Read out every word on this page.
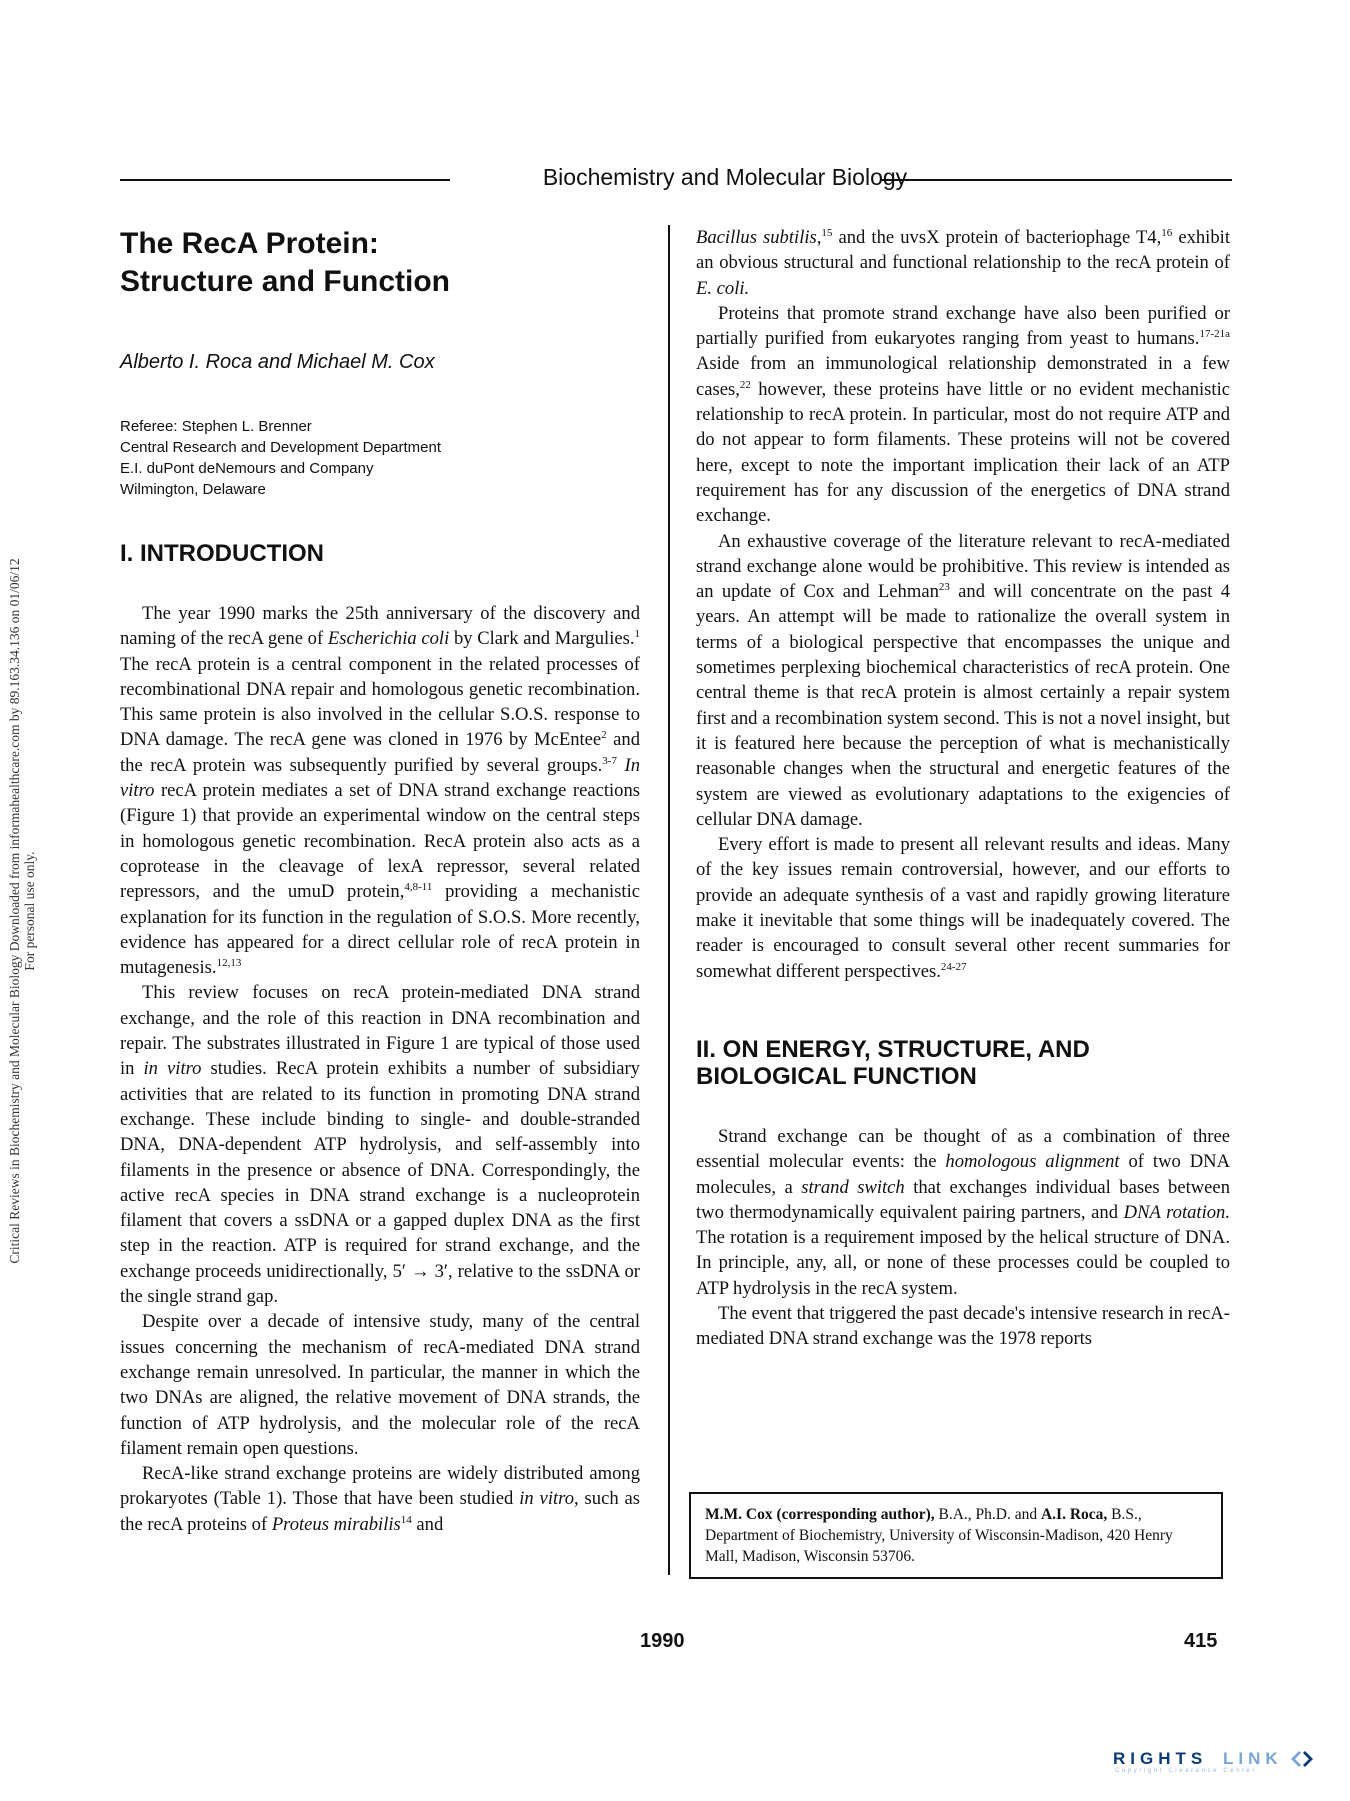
Critical Reviews in Biochemistry and Molecular Biology Downloaded from informahealthcare.com by 89.163.34.136 on 01/06/12 For personal use only.
Biochemistry and Molecular Biology
The RecA Protein:
Structure and Function
Alberto I. Roca and Michael M. Cox
Referee: Stephen L. Brenner
Central Research and Development Department
E.I. duPont deNemours and Company
Wilmington, Delaware
I. INTRODUCTION

The year 1990 marks the 25th anniversary of the discovery and naming of the recA gene of Escherichia coli by Clark and Margulies.$^1$ The recA protein is a central component in the related processes of recombinational DNA repair and homologous genetic recombination. This same protein is also involved in the cellular S.O.S. response to DNA damage. The recA gene was cloned in 1976 by McEntee$^2$ and the recA protein was subsequently purified by several groups.$^{3-7}$ In vitro recA protein mediates a set of DNA strand exchange reactions (Figure 1) that provide an experimental window on the central steps in homologous genetic recombination. RecA protein also acts as a coprotease in the cleavage of lexA repressor, several related repressors, and the umuD protein,$^{4,8-11}$ providing a mechanistic explanation for its function in the regulation of S.O.S. More recently, evidence has appeared for a direct cellular role of recA protein in mutagenesis.$^{12,13}$

This review focuses on recA protein-mediated DNA strand exchange, and the role of this reaction in DNA recombination and repair. The substrates illustrated in Figure 1 are typical of those used in in vitro studies. RecA protein exhibits a number of subsidiary activities that are related to its function in promoting DNA strand exchange. These include binding to single- and double-stranded DNA, DNA-dependent ATP hydrolysis, and self-assembly into filaments in the presence or absence of DNA. Correspondingly, the active recA species in DNA strand exchange is a nucleoprotein filament that covers a ssDNA or a gapped duplex DNA as the first step in the reaction. ATP is required for strand exchange, and the exchange proceeds unidirectionally, 5′ → 3′, relative to the ssDNA or the single strand gap.

Despite over a decade of intensive study, many of the central issues concerning the mechanism of recA-mediated DNA strand exchange remain unresolved. In particular, the manner in which the two DNAs are aligned, the relative movement of DNA strands, the function of ATP hydrolysis, and the molecular role of the recA filament remain open questions.

RecA-like strand exchange proteins are widely distributed among prokaryotes (Table 1). Those that have been studied in vitro, such as the recA proteins of Proteus mirabilis$^{14}$ and

Bacillus subtilis,$^{15}$ and the uvsX protein of bacteriophage T4,16 exhibit an obvious structural and functional relationship to the recA protein of E. coli.

Proteins that promote strand exchange have also been purified or partially purified from eukaryotes ranging from yeast to humans.$^{17-21a}$ Aside from an immunological relationship demonstrated in a few cases,$^{22}$ however, these proteins have little or no evident mechanistic relationship to recA protein. In particular, most do not require ATP and do not appear to form filaments. These proteins will not be covered here, except to note the important implication their lack of an ATP requirement has for any discussion of the energetics of DNA strand exchange.

An exhaustive coverage of the literature relevant to recA-mediated strand exchange alone would be prohibitive. This review is intended as an update of Cox and Lehman$^{23}$ and will concentrate on the past 4 years. An attempt will be made to rationalize the overall system in terms of a biological perspective that encompasses the unique and sometimes perplexing biochemical characteristics of recA protein. One central theme is that recA protein is almost certainly a repair system first and a recombination system second. This is not a novel insight, but it is featured here because the perception of what is mechanistically reasonable changes when the structural and energetic features of the system are viewed as evolutionary adaptations to the exigencies of cellular DNA damage.

Every effort is made to present all relevant results and ideas. Many of the key issues remain controversial, however, and our efforts to provide an adequate synthesis of a vast and rapidly growing literature make it inevitable that some things will be inadequately covered. The reader is encouraged to consult several other recent summaries for somewhat different perspectives.$^{24-27}$

II. ON ENERGY, STRUCTURE, AND
BIOLOGICAL FUNCTION

Strand exchange can be thought of as a combination of three essential molecular events: the homologous alignment of two DNA molecules, a strand switch that exchanges individual bases between two thermodynamically equivalent pairing partners, and DNA rotation. The rotation is a requirement imposed by the helical structure of DNA. In principle, any, all, or none of these processes could be coupled to ATP hydrolysis in the recA system.

The event that triggered the past decade's intensive research in recA-mediated DNA strand exchange was the 1978 reports

M.M. Cox (corresponding author), B.A., Ph.D. and A.I. Roca, B.S.,
Department of Biochemistry, University of Wisconsin-Madison, 420 Henry Mall, Madison, Wisconsin 53706.
1990	415
RIGHTS LINK
Copyright Clearance Center
